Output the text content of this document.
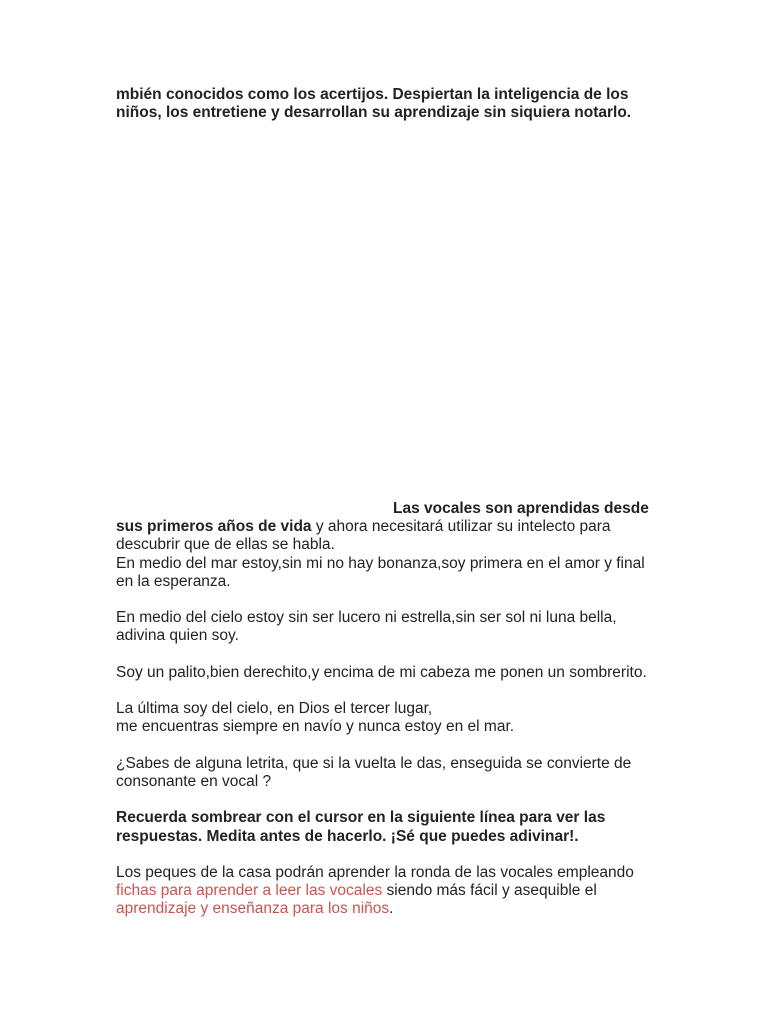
mbién conocidos como los acertijos. Despiertan la inteligencia de los niños, los entretiene y desarrollan su aprendizaje sin siquiera notarlo.

Las vocales son aprendidas desde sus primeros años de vida y ahora necesitará utilizar su intelecto para descubrir que de ellas se habla.

En medio del mar estoy,sin mi no hay bonanza,soy primera en el amor y final en la esperanza.

En medio del cielo estoy sin ser lucero ni estrella,sin ser sol ni luna bella, adivina quien soy.

Soy un palito,bien derechito,y encima de mi cabeza me ponen un sombrerito.

La última soy del cielo, en Dios el tercer lugar,

me encuentras siempre en navío y nunca estoy en el mar.

¿Sabes de alguna letrita, que si la vuelta le das, enseguida se convierte de consonante en vocal ?

Recuerda sombrear con el cursor en la siguiente línea para ver las respuestas. Medita antes de hacerlo. ¡Sé que puedes adivinar!.

Los peques de la casa podrán aprender la ronda de las vocales empleando fichas para aprender a leer las vocales siendo más fácil y asequible el aprendizaje y enseñanza para los niños.
